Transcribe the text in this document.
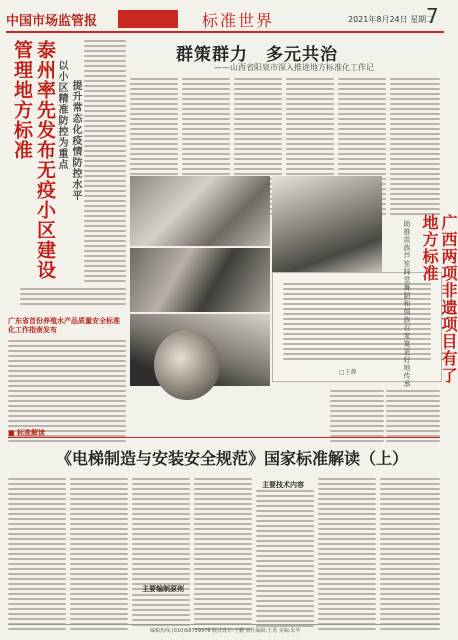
中国市场监管报	标准世界	2021年8月24日 星期二
7
泰州率先发布无疫小区建设管理地方标准	以小区精准防控为重点 提升常态化疫情防控水平
广东省首份养殖水产品质量安全标准化工作指南发布
群策群力　多元共治
——山西省阳泉市深入推进地方标准化工作记
□王静	广西两项非遗项目有了地方标准
助推苗族芦笙踩堂舞蹈和侗族百家宴更好地传承
■ 标准解读
《电梯制造与安装安全规范》国家标准解读（上）
主要编制原则
主要技术内容
编辑热线:(010)68759376 版式设计:王鹏 责任编辑:王勇 美编:朱华
